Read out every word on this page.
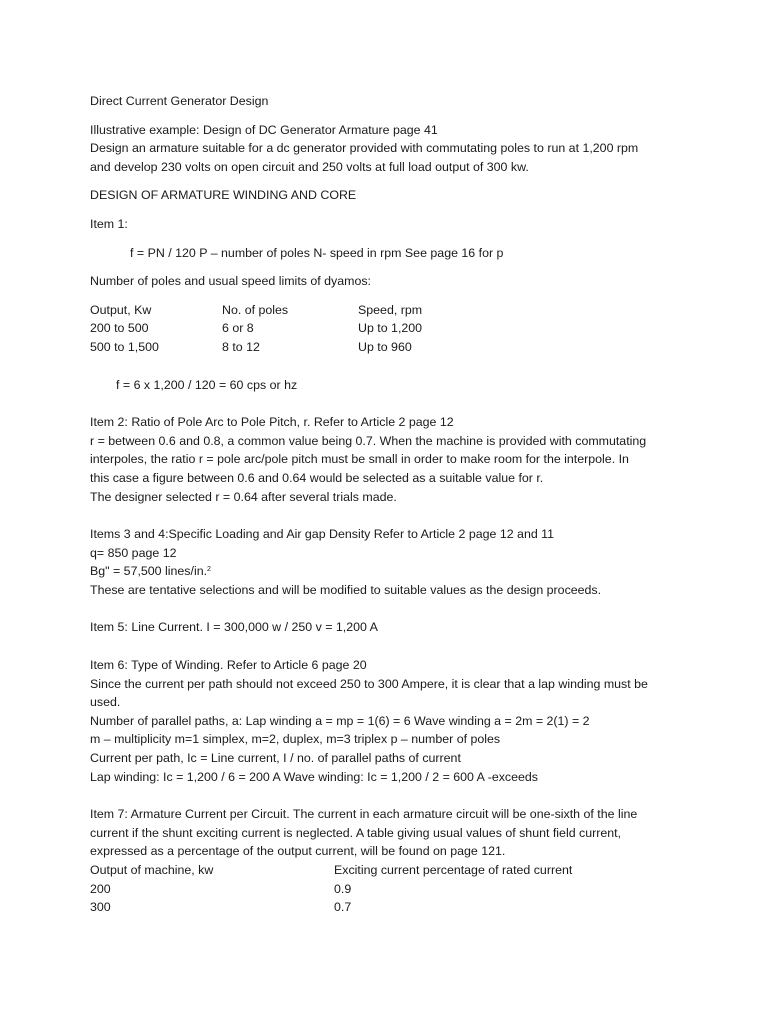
Direct Current Generator Design
Illustrative example: Design of DC Generator Armature page 41
Design an armature suitable for a dc generator provided with commutating poles to run at 1,200 rpm
and develop 230 volts on open circuit and 250 volts at full load output of 300 kw.
DESIGN OF ARMATURE WINDING AND CORE
Item 1:
f = PN / 120 P – number of poles N- speed in rpm See page 16 for p
Number of poles and usual speed limits of dyamos:
Output, Kw	No. of poles	Speed, rpm
200 to 500	6 or 8	Up to 1,200
500 to 1,500	8 to 12	Up to 960
f = 6 x 1,200 / 120 = 60 cps or hz
Item 2: Ratio of Pole Arc to Pole Pitch, r. Refer to Article 2 page 12
r = between 0.6 and 0.8, a common value being 0.7. When the machine is provided with commutating
interpoles, the ratio r = pole arc/pole pitch must be small in order to make room for the interpole. In
this case a figure between 0.6 and 0.64 would be selected as a suitable value for r.
The designer selected r = 0.64 after several trials made.
Items 3 and 4:Specific Loading and Air gap Density Refer to Article 2 page 12 and 11
q= 850 page 12
Bg" = 57,500 lines/in.$^2$
These are tentative selections and will be modified to suitable values as the design proceeds.
Item 5: Line Current. I = 300,000 w / 250 v = 1,200 A
Item 6: Type of Winding. Refer to Article 6 page 20
Since the current per path should not exceed 250 to 300 Ampere, it is clear that a lap winding must be
used.
Number of parallel paths, a: Lap winding a = mp = 1(6) = 6 Wave winding a = 2m = 2(1) = 2
m – multiplicity m=1 simplex, m=2, duplex, m=3 triplex p – number of poles
Current per path, Ic = Line current, I / no. of parallel paths of current
Lap winding: Ic = 1,200 / 6 = 200 A Wave winding: Ic = 1,200 / 2 = 600 A -exceeds
Item 7: Armature Current per Circuit. The current in each armature circuit will be one-sixth of the line
current if the shunt exciting current is neglected. A table giving usual values of shunt field current,
expressed as a percentage of the output current, will be found on page 121.
Output of machine, kw	Exciting current percentage of rated current
200	0.9
300	0.7
